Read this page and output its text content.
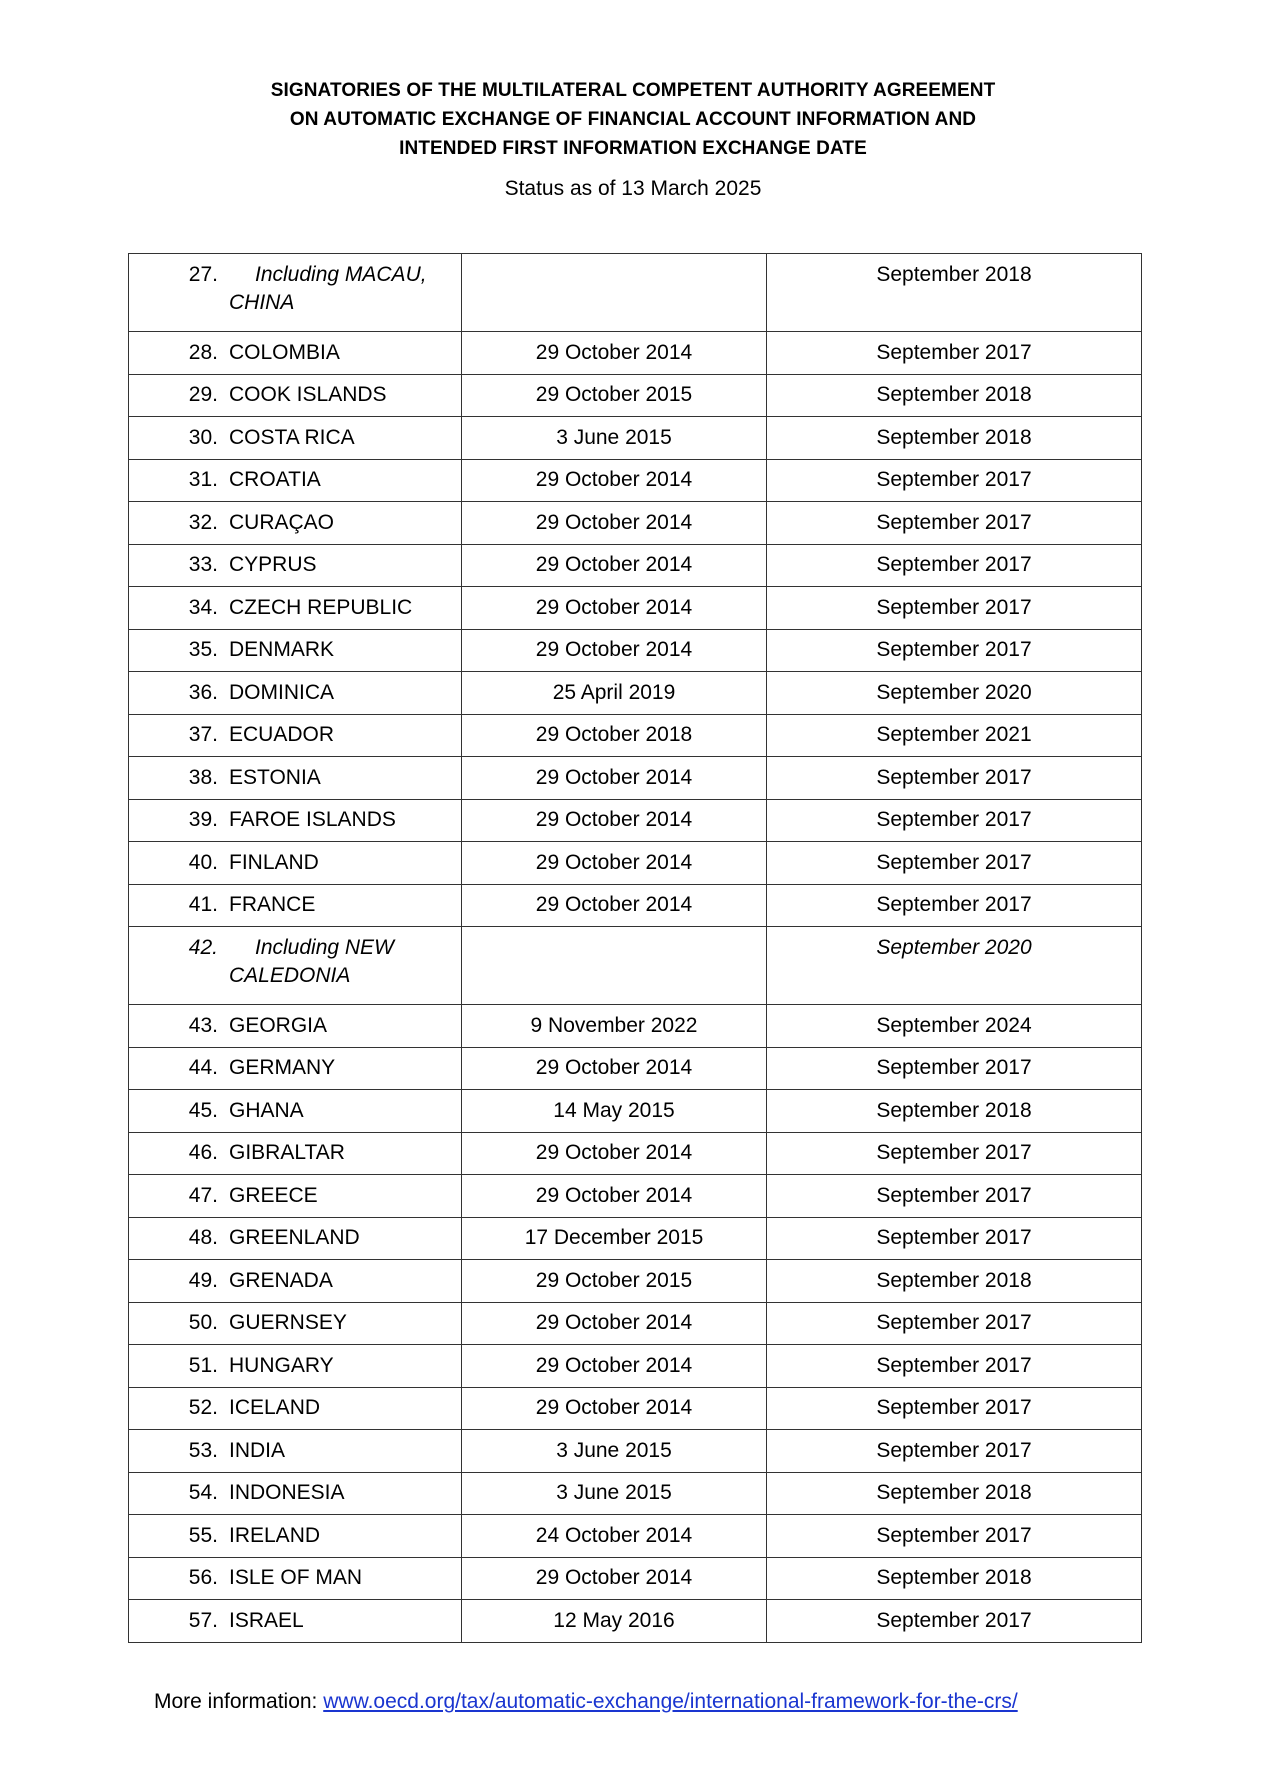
SIGNATORIES OF THE MULTILATERAL COMPETENT AUTHORITY AGREEMENT
ON AUTOMATIC EXCHANGE OF FINANCIAL ACCOUNT INFORMATION AND
INTENDED FIRST INFORMATION EXCHANGE DATE
Status as of 13 March 2025
27. Including MACAU,
CHINA		September 2018

28. COLOMBIA	29 October 2014	September 2017

29. COOK ISLANDS	29 October 2015	September 2018

30. COSTA RICA	3 June 2015	September 2018

31. CROATIA	29 October 2014	September 2017

32. CURAÇAO	29 October 2014	September 2017

33. CYPRUS	29 October 2014	September 2017

34. CZECH REPUBLIC	29 October 2014	September 2017

35. DENMARK	29 October 2014	September 2017

36. DOMINICA	25 April 2019	September 2020

37. ECUADOR	29 October 2018	September 2021

38. ESTONIA	29 October 2014	September 2017

39. FAROE ISLANDS	29 October 2014	September 2017

40. FINLAND	29 October 2014	September 2017

41. FRANCE	29 October 2014	September 2017

42. Including NEW
CALEDONIA		September 2020

43. GEORGIA	9 November 2022	September 2024

44. GERMANY	29 October 2014	September 2017

45. GHANA	14 May 2015	September 2018

46. GIBRALTAR	29 October 2014	September 2017

47. GREECE	29 October 2014	September 2017

48. GREENLAND	17 December 2015	September 2017

49. GRENADA	29 October 2015	September 2018

50. GUERNSEY	29 October 2014	September 2017

51. HUNGARY	29 October 2014	September 2017

52. ICELAND	29 October 2014	September 2017

53. INDIA	3 June 2015	September 2017

54. INDONESIA	3 June 2015	September 2018

55. IRELAND	24 October 2014	September 2017

56. ISLE OF MAN	29 October 2014	September 2018

57. ISRAEL	12 May 2016	September 2017
More information: www.oecd.org/tax/automatic-exchange/international-framework-for-the-crs/
